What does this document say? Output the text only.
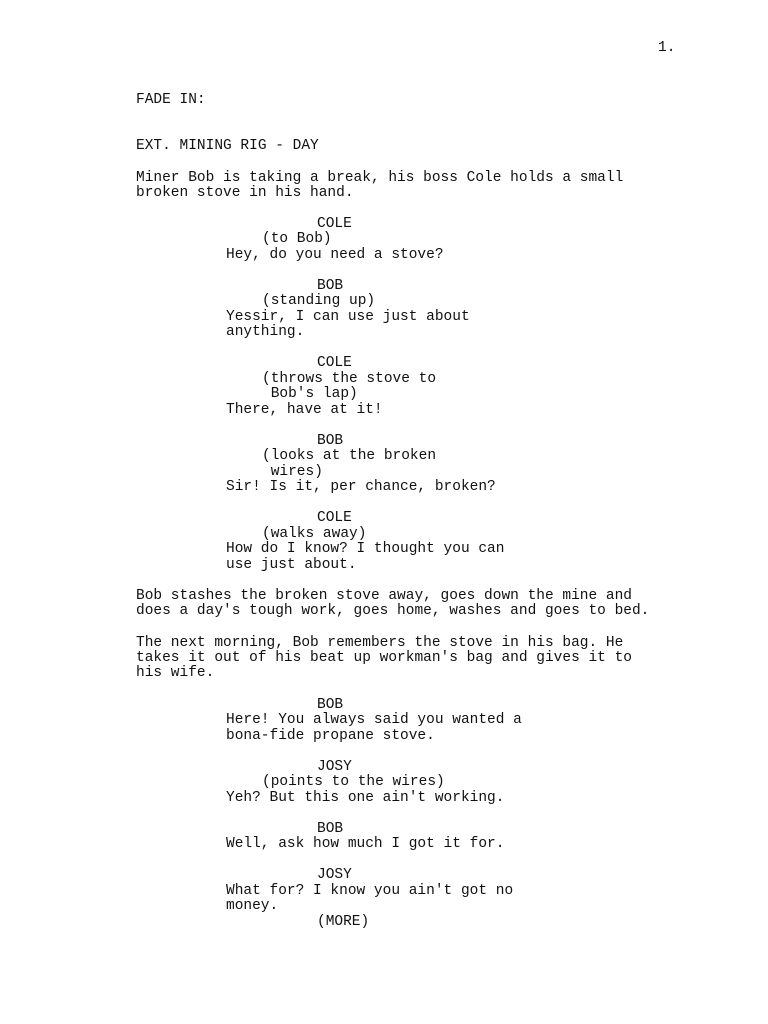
1.
FADE IN:
EXT. MINING RIG - DAY
Miner Bob is taking a break, his boss Cole holds a small
broken stove in his hand.
COLE
(to Bob)
Hey, do you need a stove?
BOB
(standing up)
Yessir, I can use just about
anything.
COLE
(throws the stove to
Bob's lap)
There, have at it!
BOB
(looks at the broken
wires)
Sir! Is it, per chance, broken?
COLE
(walks away)
How do I know? I thought you can
use just about.
Bob stashes the broken stove away, goes down the mine and
does a day's tough work, goes home, washes and goes to bed.
The next morning, Bob remembers the stove in his bag. He
takes it out of his beat up workman's bag and gives it to
his wife.
BOB
Here! You always said you wanted a
bona-fide propane stove.
JOSY
(points to the wires)
Yeh? But this one ain't working.
BOB
Well, ask how much I got it for.
JOSY
What for? I know you ain't got no
money.
(MORE)
